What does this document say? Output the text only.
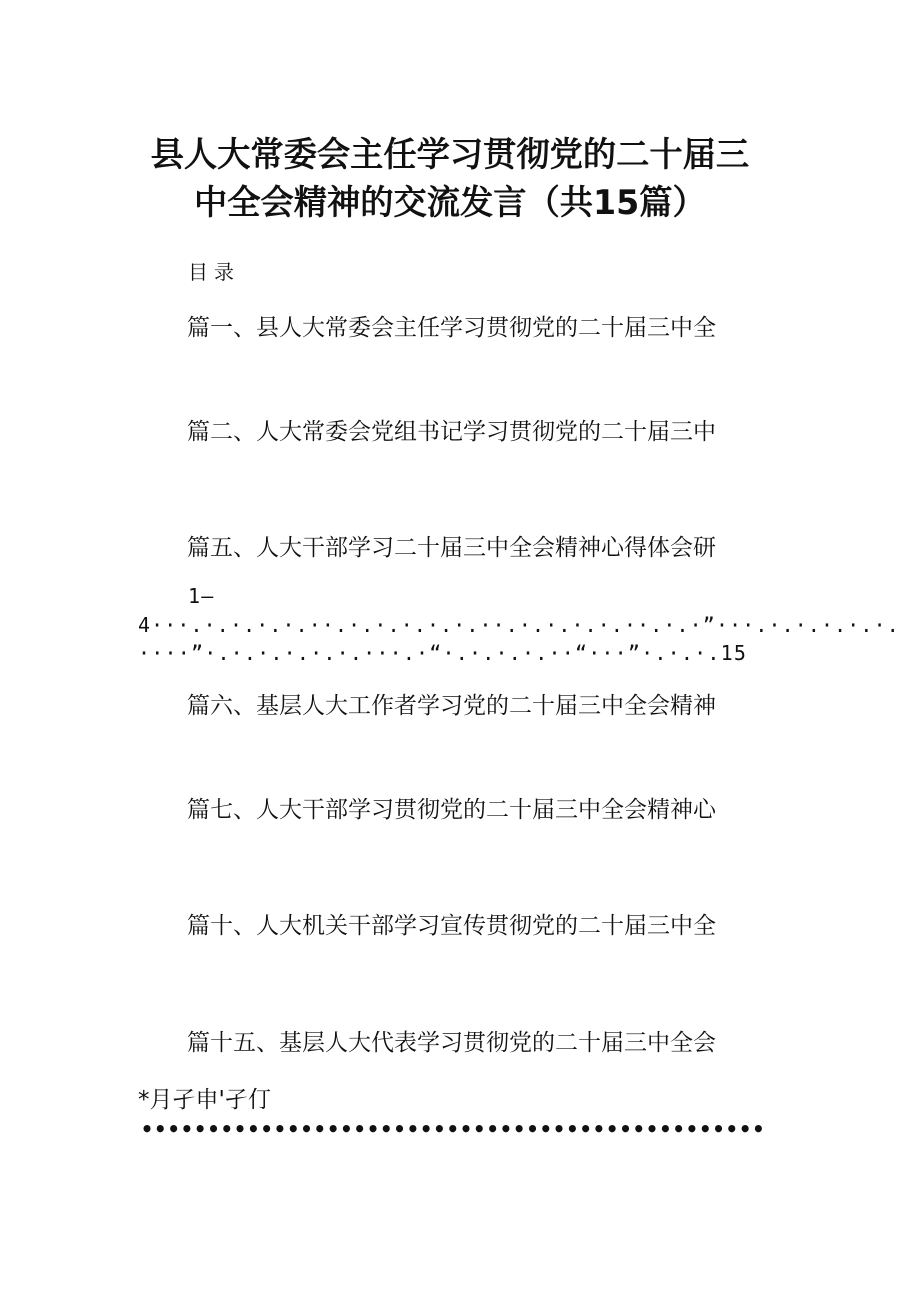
县人大常委会主任学习贯彻党的二十届三
中全会精神的交流发言（共15篇）
目录
篇一、县人大常委会主任学习贯彻党的二十届三中全
篇二、人大常委会党组书记学习贯彻党的二十届三中
篇五、人大干部学习二十届三中全会精神心得体会研
1—
4···.·.·.·.·.··.·.·.·.·.·.··.·.·.·.·.··.·.·”···.·.·.·.·.·.
····”·.·.·.·.·.·.···.·“·.·.·.·.··“···”·.·.·.15
篇六、基层人大工作者学习党的二十届三中全会精神
篇七、人大干部学习贯彻党的二十届三中全会精神心
篇十、人大机关干部学习宣传贯彻党的二十届三中全
篇十五、基层人大代表学习贯彻党的二十届三中全会
*月孑申'孑仃
•••••••••••••••••••••••••••••••••••••••••••••••
